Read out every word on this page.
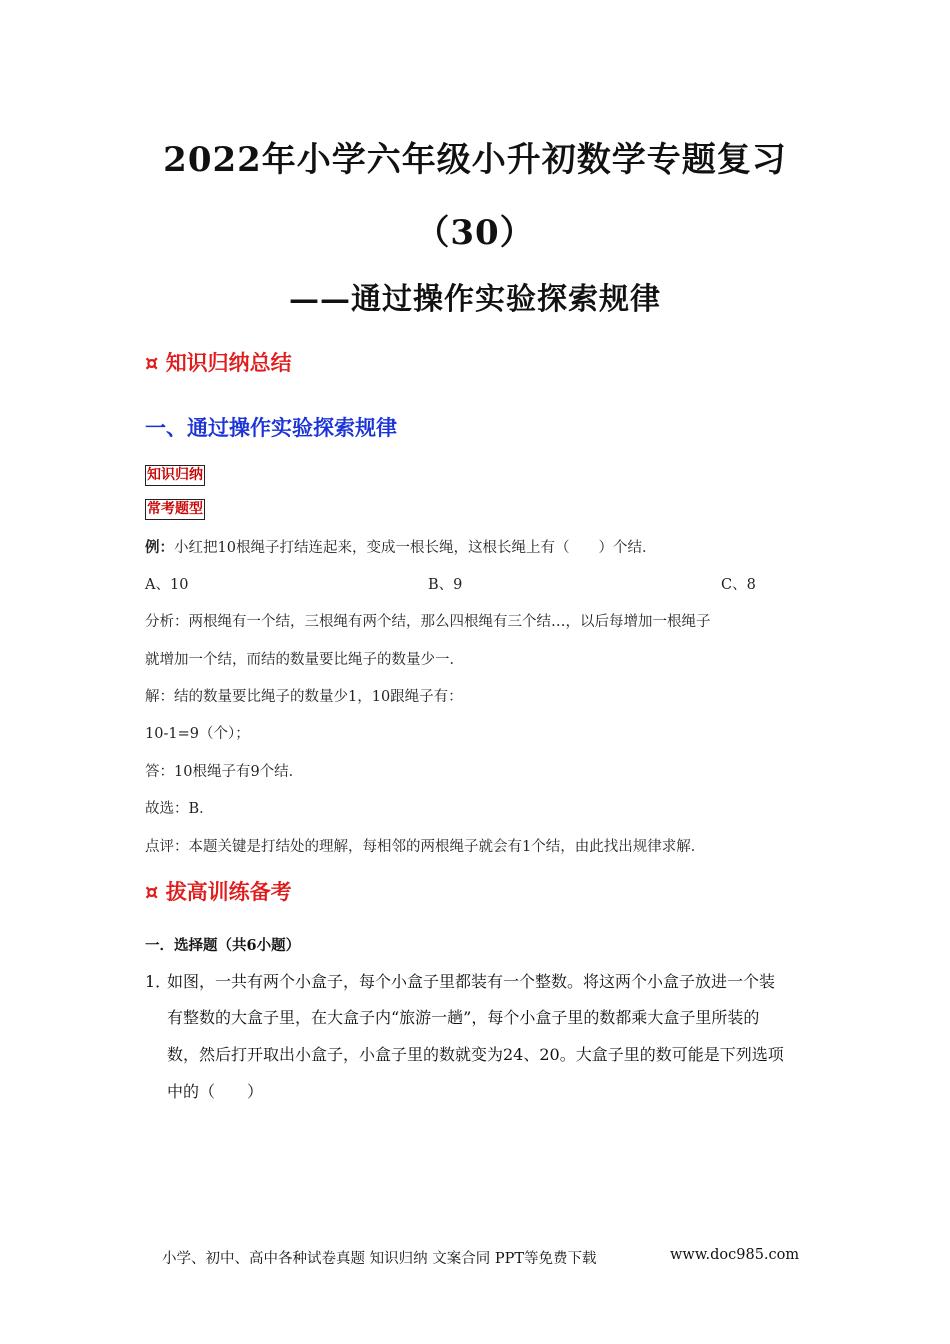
2022年小学六年级小升初数学专题复习
（30）
——通过操作实验探索规律
¤ 知识归纳总结
一、通过操作实验探索规律
知识归纳
常考题型
例：小红把10根绳子打结连起来，变成一根长绳，这根长绳上有（　　）个结．
A、10	B、9	C、8
分析：两根绳有一个结，三根绳有两个结，那么四根绳有三个结…，以后每增加一根绳子
就增加一个结，而结的数量要比绳子的数量少一．
解：结的数量要比绳子的数量少1，10跟绳子有：
10-1=9（个）；
答：10根绳子有9个结．
故选：B．
点评：本题关键是打结处的理解，每相邻的两根绳子就会有1个结，由此找出规律求解．
¤ 拔高训练备考
一．选择题（共6小题）
1．
如图，一共有两个小盒子，每个小盒子里都装有一个整数。将这两个小盒子放进一个装
有整数的大盒子里，在大盒子内“旅游一趟”，每个小盒子里的数都乘大盒子里所装的
数，然后打开取出小盒子，小盒子里的数就变为24、20。大盒子里的数可能是下列选项
中的（　　）
小学、初中、高中各种试卷真题 知识归纳 文案合同 PPT等免费下载	www.doc985.com
